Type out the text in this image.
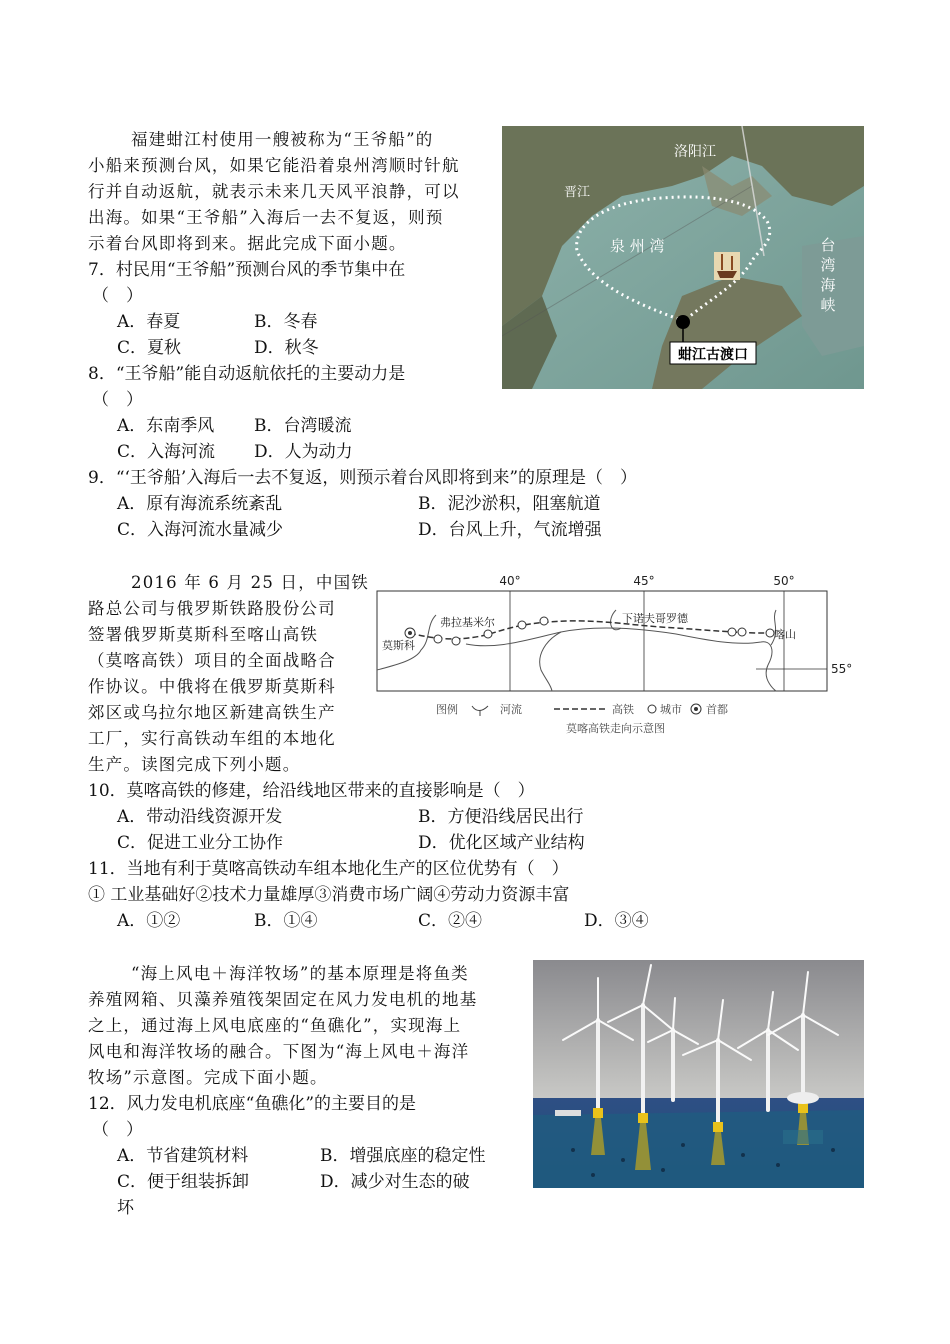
福建蚶江村使用一艘被称为“王爷船”的
小船来预测台风，如果它能沿着泉州湾顺时针航
行并自动返航，就表示未来几天风平浪静，可以
出海。如果“王爷船”入海后一去不复返，则预
示着台风即将到来。据此完成下面小题。
7．村民用“王爷船”预测台风的季节集中在
（　）
A．春夏	B．冬春
C．夏秋	D．秋冬
8．“王爷船”能自动返航依托的主要动力是
（　）
A．东南季风 B．台湾暖流
C．入海河流 D．人为动力
9．“‘王爷船’入海后一去不复返，则预示着台风即将到来”的原理是（　）
A．原有海流系统紊乱	B．泥沙淤积，阻塞航道
C．入海河流水量减少	D．台风上升，气流增强
蚶江古渡口
洛阳江
晋江
泉 州 湾	台
湾
海
峡
2016 年 6 月 25 日，中国铁
路总公司与俄罗斯铁路股份公司
签署俄罗斯莫斯科至喀山高铁
（莫喀高铁）项目的全面战略合
作协议。中俄将在俄罗斯莫斯科
郊区或乌拉尔地区新建高铁生产
工厂，实行高铁动车组的本地化
生产。读图完成下列小题。
40°	45°	50°
55°
莫斯科
弗拉基米尔	下诺夫哥罗德
喀山
图例	河流	高铁 城市 首都
莫喀高铁走向示意图
10．莫喀高铁的修建，给沿线地区带来的直接影响是（　）
A．带动沿线资源开发	B．方便沿线居民出行
C．促进工业分工协作	D．优化区域产业结构
11．当地有利于莫喀高铁动车组本地化生产的区位优势有（　）
① 工业基础好②技术力量雄厚③消费市场广阔④劳动力资源丰富
A．①②	B．①④	C．②④	D．③④
“海上风电＋海洋牧场”的基本原理是将鱼类
养殖网箱、贝藻养殖筏架固定在风力发电机的地基
之上，通过海上风电底座的“鱼礁化”，实现海上
风电和海洋牧场的融合。下图为“海上风电＋海洋
牧场”示意图。完成下面小题。
12．风力发电机底座“鱼礁化”的主要目的是
（　）
A．节省建筑材料	B．增强底座的稳定性
C．便于组装拆卸	D．减少对生态的破
坏
